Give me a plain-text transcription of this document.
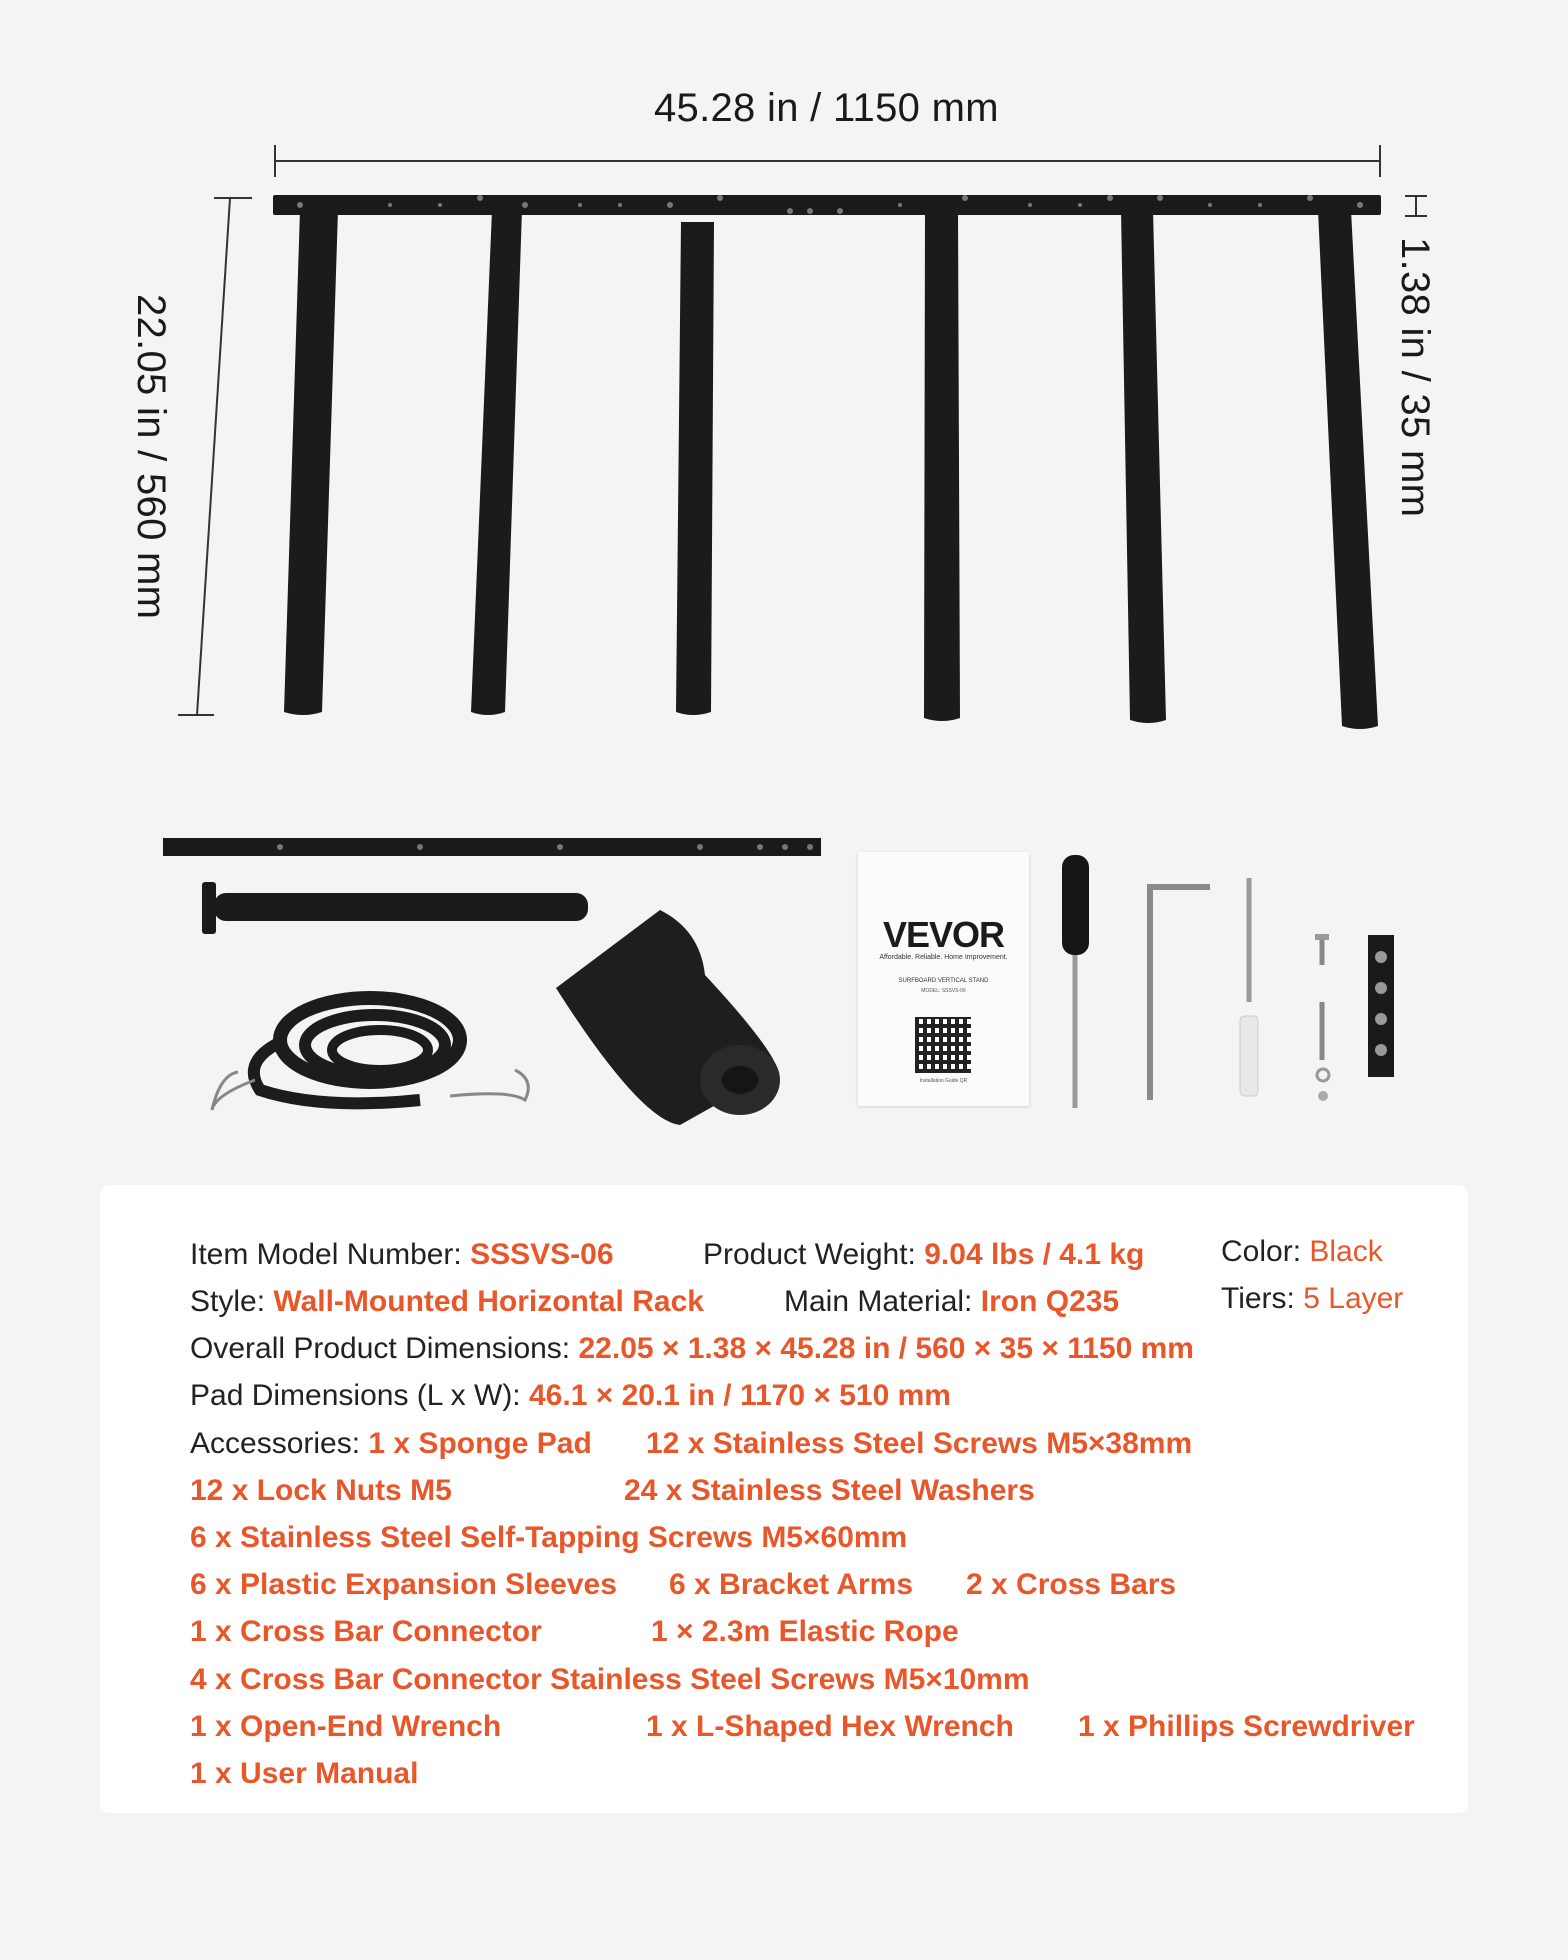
45.28 in / 1150 mm
22.05 in / 560 mm	1.38 in / 35 mm
VEVOR
Affordable. Reliable. Home Improvement.
SURFBOARD VERTICAL STAND
MODEL: SSSVS-06
Installation Guide QR
Item Model Number: SSSVS-06	Product Weight: 9.04 lbs / 4.1 kg	Color: Black
Style: Wall-Mounted Horizontal Rack	Main Material: Iron Q235	Tiers: 5 Layer
Overall Product Dimensions: 22.05 × 1.38 × 45.28 in / 560 × 35 × 1150 mm
Pad Dimensions (L x W): 46.1 × 20.1 in / 1170 × 510 mm
Accessories: 1 x Sponge Pad 12 x Stainless Steel Screws M5×38mm
12 x Lock Nuts M5	24 x Stainless Steel Washers
6 x Stainless Steel Self-Tapping Screws M5×60mm
6 x Plastic Expansion Sleeves 6 x Bracket Arms 2 x Cross Bars
1 x Cross Bar Connector	1 × 2.3m Elastic Rope
4 x Cross Bar Connector Stainless Steel Screws M5×10mm
1 x Open-End Wrench	1 x L-Shaped Hex Wrench 1 x Phillips Screwdriver
1 x User Manual
